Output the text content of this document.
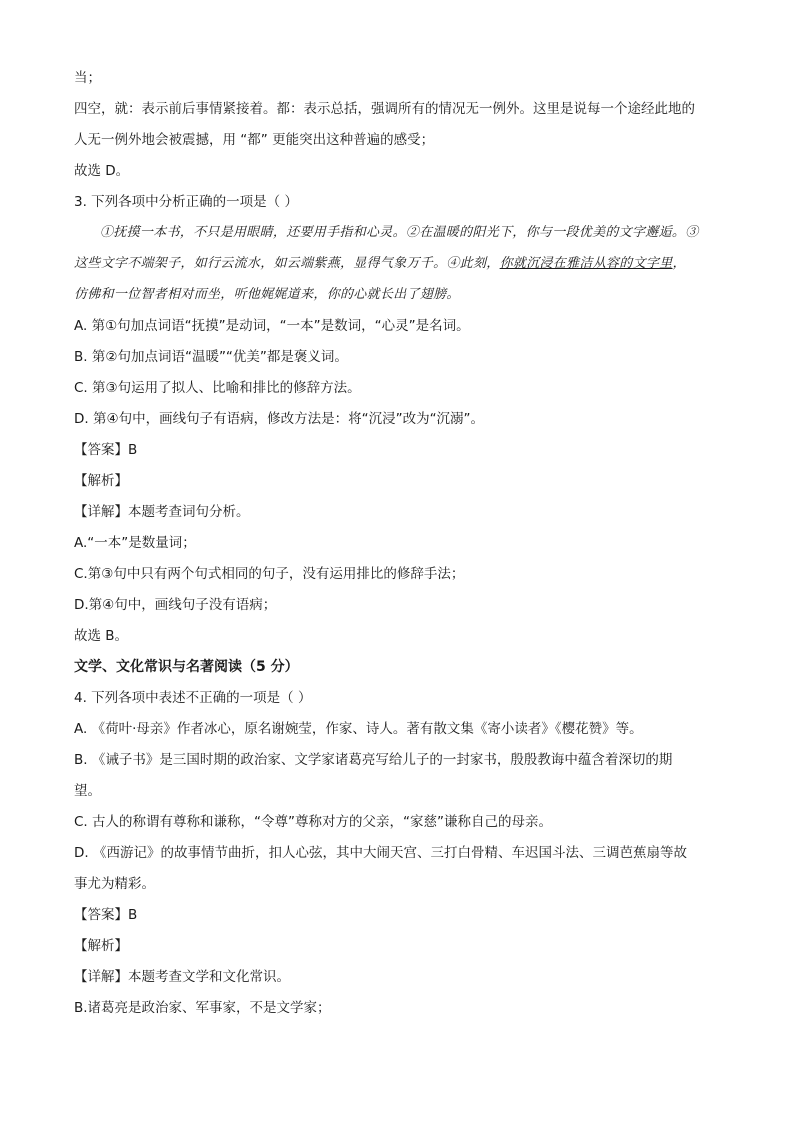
当；
四空，就：表示前后事情紧接着。都：表示总括，强调所有的情况无一例外。这里是说每一个途经此地的
人无一例外地会被震撼，用 “都” 更能突出这种普遍的感受；
故选 D。
3. 下列各项中分析正确的一项是（ ）
①抚摸一本书，不只是用眼睛，还要用手指和心灵。②在温暖的阳光下，你与一段优美的文字邂逅。③
这些文字不端架子，如行云流水，如云端紫燕，显得气象万千。④此刻，你就沉浸在雅洁从容的文字里，
仿佛和一位智者相对而坐，听他娓娓道来，你的心就长出了翅膀。
A. 第①句加点词语“抚摸”是动词，“一本”是数词，“心灵”是名词。
B. 第②句加点词语“温暖”“优美”都是褒义词。
C. 第③句运用了拟人、比喻和排比的修辞方法。
D. 第④句中，画线句子有语病，修改方法是：将“沉浸”改为“沉溺”。
【答案】B
【解析】
【详解】本题考查词句分析。
A.“一本”是数量词；
C.第③句中只有两个句式相同的句子，没有运用排比的修辞手法；
D.第④句中，画线句子没有语病；
故选 B。
文学、文化常识与名著阅读（5 分）
4. 下列各项中表述不正确的一项是（ ）
A. 《荷叶·母亲》作者冰心，原名谢婉莹，作家、诗人。著有散文集《寄小读者》《樱花赞》等。
B. 《诫子书》是三国时期的政治家、文学家诸葛亮写给儿子的一封家书，殷殷教诲中蕴含着深切的期
望。
C. 古人的称谓有尊称和谦称，“令尊”尊称对方的父亲，“家慈”谦称自己的母亲。
D. 《西游记》的故事情节曲折，扣人心弦，其中大闹天宫、三打白骨精、车迟国斗法、三调芭蕉扇等故
事尤为精彩。
【答案】B
【解析】
【详解】本题考查文学和文化常识。
B.诸葛亮是政治家、军事家，不是文学家；
